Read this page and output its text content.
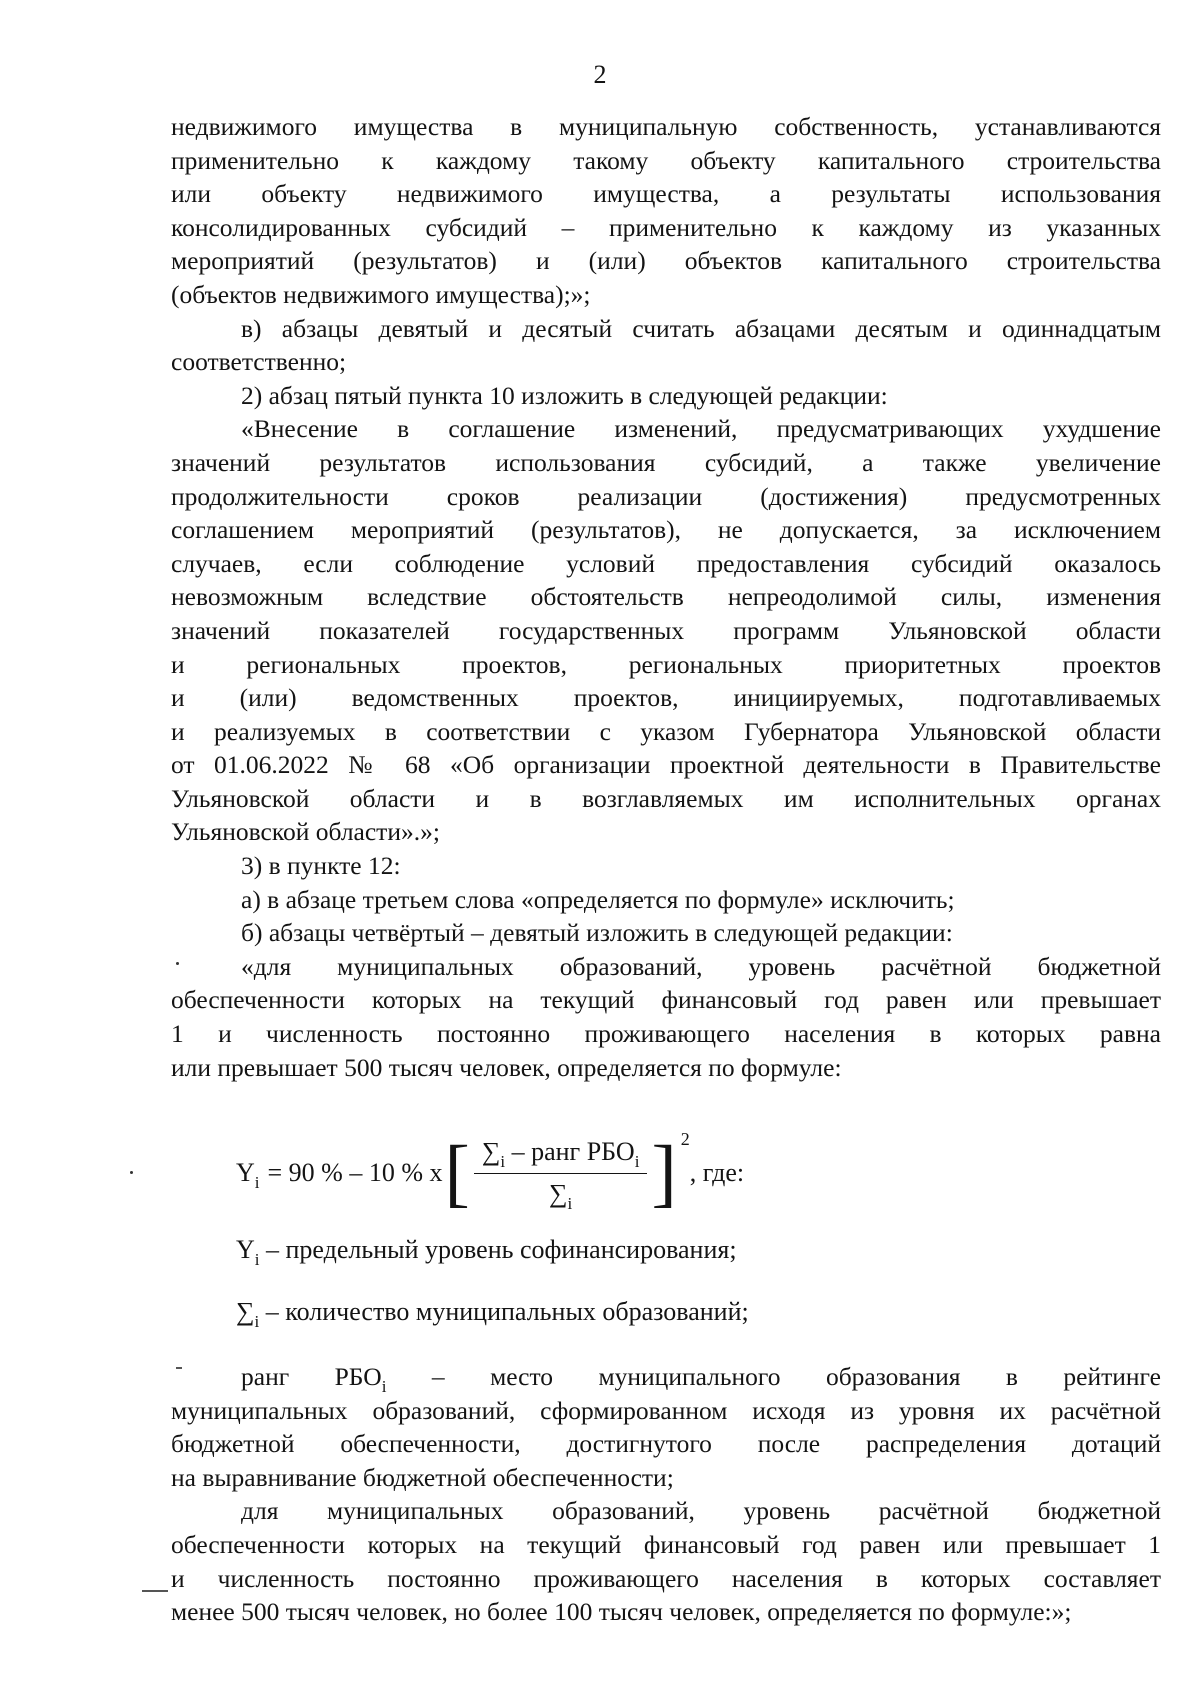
2
недвижимого имущества в муниципальную собственность, устанавливаются
применительно к каждому такому объекту капитального строительства
или объекту недвижимого имущества, а результаты использования
консолидированных субсидий – применительно к каждому из указанных
мероприятий (результатов) и (или) объектов капитального строительства
(объектов недвижимого имущества);»;
в) абзацы девятый и десятый считать абзацами десятым и одиннадцатым
соответственно;
2) абзац пятый пункта 10 изложить в следующей редакции:
«Внесение в соглашение изменений, предусматривающих ухудшение
значений результатов использования субсидий, а также увеличение
продолжительности сроков реализации (достижения) предусмотренных
соглашением мероприятий (результатов), не допускается, за исключением
случаев, если соблюдение условий предоставления субсидий оказалось
невозможным вследствие обстоятельств непреодолимой силы, изменения
значений показателей государственных программ Ульяновской области
и региональных проектов, региональных приоритетных проектов
и (или) ведомственных проектов, инициируемых, подготавливаемых
и реализуемых в соответствии с указом Губернатора Ульяновской области
от 01.06.2022 № 68 «Об организации проектной деятельности в Правительстве
Ульяновской области и в возглавляемых им исполнительных органах
Ульяновской области».»;
3) в пункте 12:
а) в абзаце третьем слова «определяется по формуле» исключить;
б) абзацы четвёртый – девятый изложить в следующей редакции:
«для муниципальных образований, уровень расчётной бюджетной
обеспеченности которых на текущий финансовый год равен или превышает
1 и численность постоянно проживающего населения в которых равна
или превышает 500 тысяч человек, определяется по формуле:
$Y_i = 90$ % – 10 % x [ $\frac{\sum_i - ранг РБО_i}{\sum_i}$ ] 2
, где:
$Y_i$ – предельный уровень софинансирования;
$\sum_i$ – количество муниципальных образований;
ранг $РБО_i$ – место муниципального образования в рейтинге
муниципальных образований, сформированном исходя из уровня их расчётной
бюджетной обеспеченности, достигнутого после распределения дотаций
на выравнивание бюджетной обеспеченности;
для муниципальных образований, уровень расчётной бюджетной
обеспеченности которых на текущий финансовый год равен или превышает 1
и численность постоянно проживающего населения в которых составляет
менее 500 тысяч человек, но более 100 тысяч человек, определяется по формуле:»;
